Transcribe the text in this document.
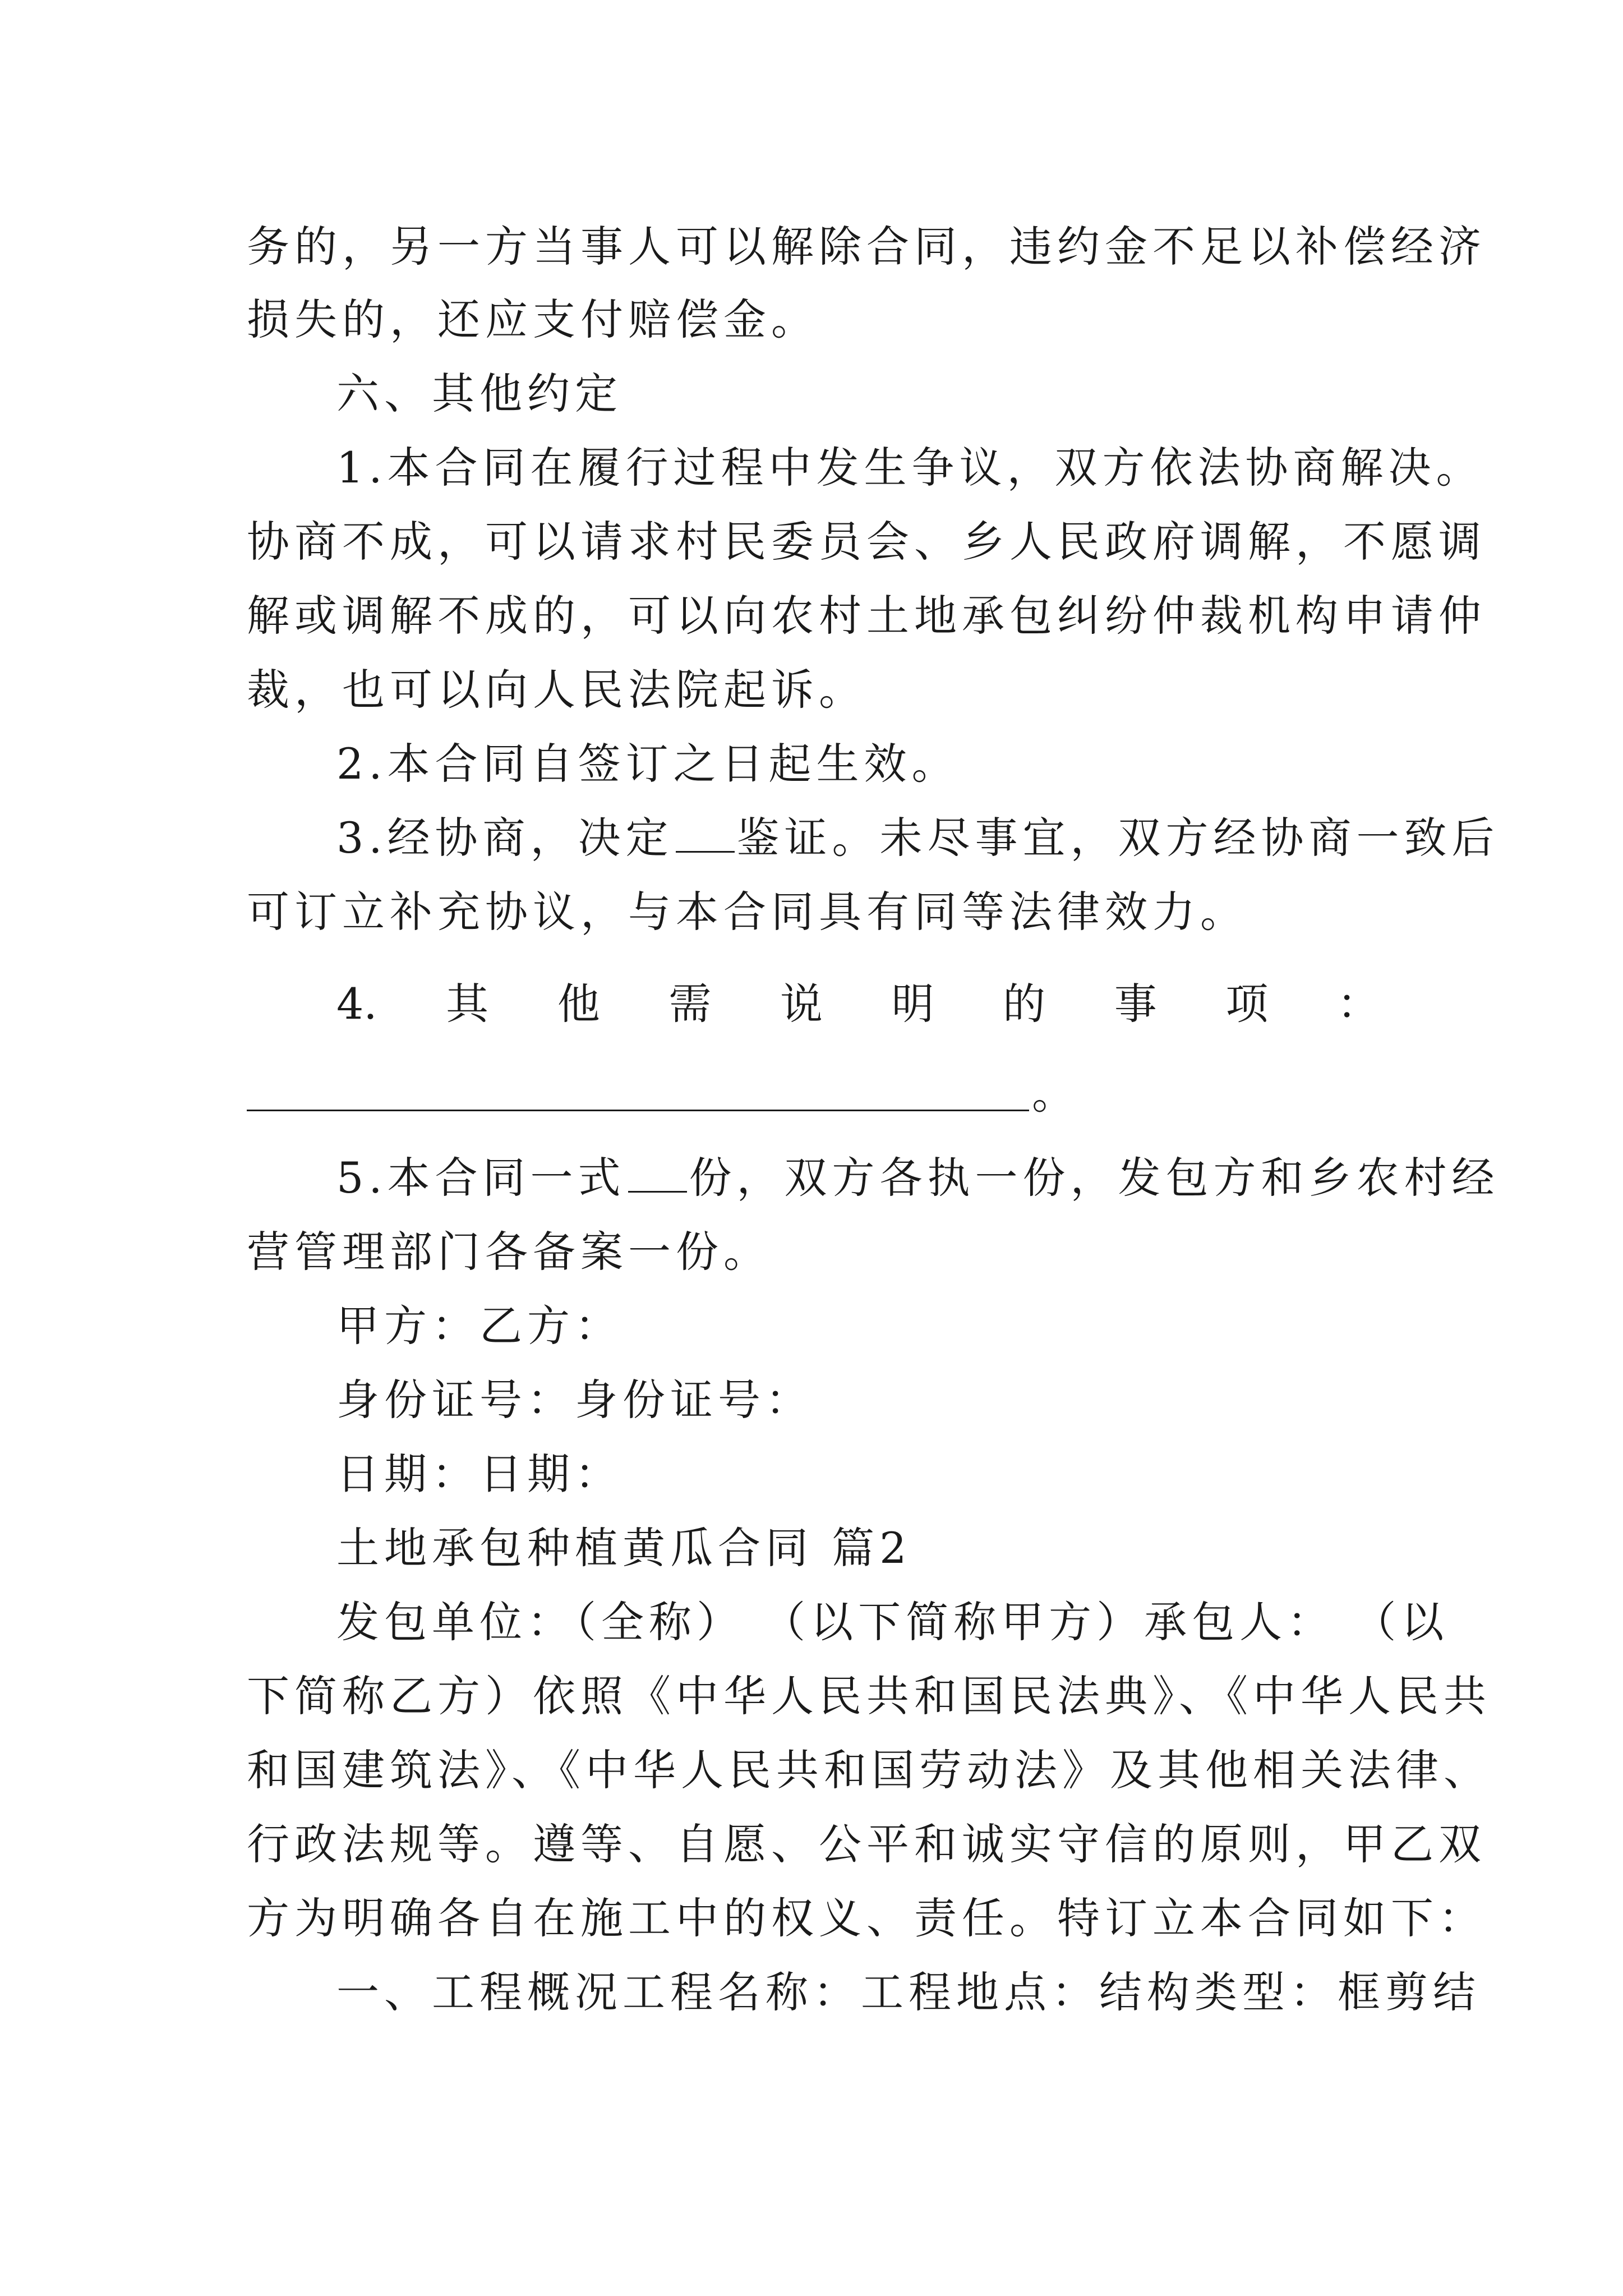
务的，另一方当事人可以解除合同，违约金不足以补偿经济
损失的，还应支付赔偿金。
六、其他约定
1.本合同在履行过程中发生争议，双方依法协商解决。
协商不成，可以请求村民委员会、乡人民政府调解，不愿调
解或调解不成的，可以向农村土地承包纠纷仲裁机构申请仲
裁，也可以向人民法院起诉。
2.本合同自签订之日起生效。
3.经协商，决定 鉴证。未尽事宜，双方经协商一致后
可订立补充协议，与本合同具有同等法律效力。
4. 其 他 需 说 明 的 事 项 ：
。
5.本合同一式 份，双方各执一份，发包方和乡农村经
营管理部门各备案一份。
甲方：乙方：
身份证号：身份证号：
日期：日期：
土地承包种植黄瓜合同 篇2
发包单位：（全称） （以下简称甲方）承包人： （以
下简称乙方）依照《中华人民共和国民法典》、《中华人民共
和国建筑法》、《中华人民共和国劳动法》及其他相关法律、
行政法规等。遵等、自愿、公平和诚实守信的原则，甲乙双
方为明确各自在施工中的权义、责任。特订立本合同如下：
一、工程概况工程名称：工程地点：结构类型：框剪结
